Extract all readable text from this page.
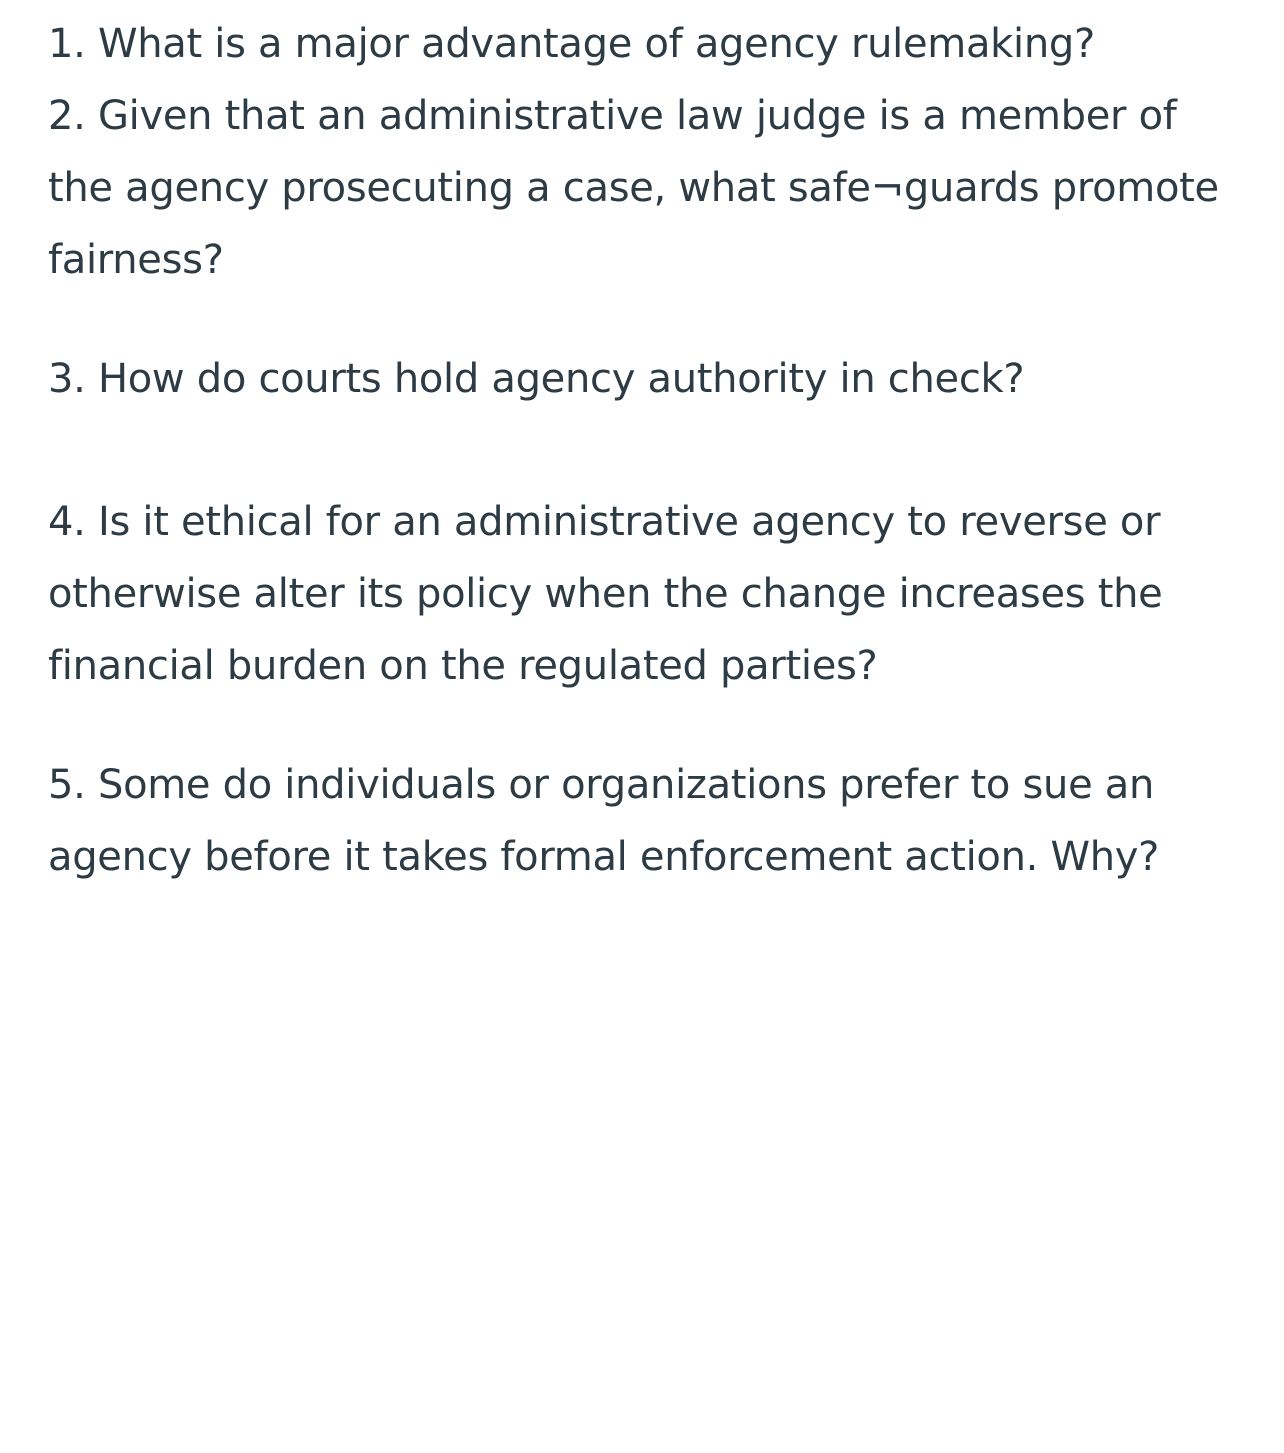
1. What is a major advantage of agency rulemaking?

2. Given that an administrative law judge is a member of the agency prosecuting a case, what safe¬guards promote fairness?

3. How do courts hold agency authority in check?

4. Is it ethical for an administrative agency to reverse or otherwise alter its policy when the change increases the financial burden on the regulated parties?

5. Some do individuals or organizations prefer to sue an agency before it takes formal enforcement action. Why?
